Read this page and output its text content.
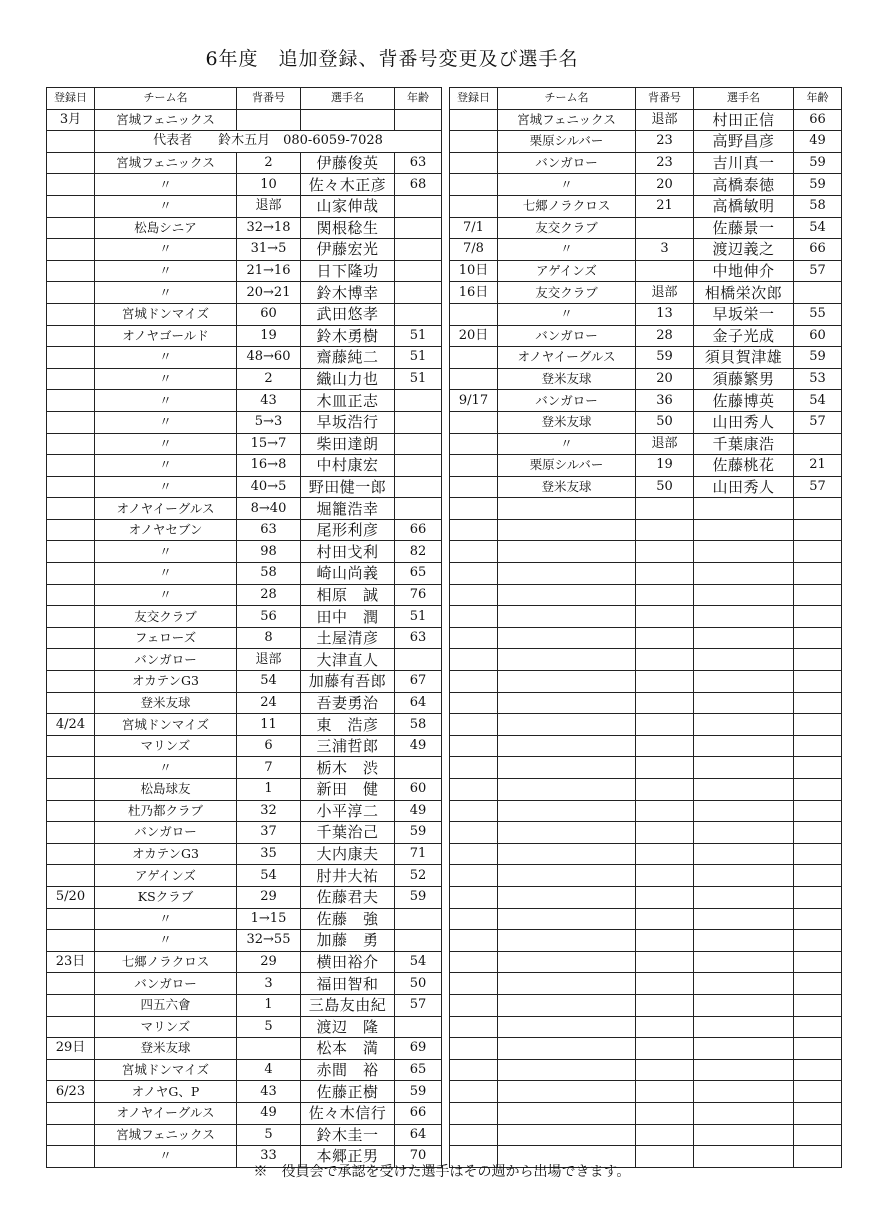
6年度　追加登録、背番号変更及び選手名
登録日	チーム名	背番号	選手名	年齢
3月	宮城フェニックス			
	代表者　　鈴木五月　080-6059-7028			
	宮城フェニックス	2	伊藤俊英	63
	〃	10	佐々木正彦	68
	〃	退部	山家伸哉	
	松島シニア	32→18	関根稔生	
	〃	31→5	伊藤宏光	
	〃	21→16	日下隆功	
	〃	20→21	鈴木博幸	
	宮城ドンマイズ	60	武田悠孝	
	オノヤゴールド	19	鈴木勇樹	51
	〃	48→60	齋藤純二	51
	〃	2	織山力也	51
	〃	43	木皿正志	
	〃	5→3	早坂浩行	
	〃	15→7	柴田達朗	
	〃	16→8	中村康宏	
	〃	40→5	野田健一郎	
	オノヤイーグルス	8→40	堀籠浩幸	
	オノヤセブン	63	尾形利彦	66
	〃	98	村田戈利	82
	〃	58	崎山尚義	65
	〃	28	相原　誠	76
	友交クラブ	56	田中　潤	51
	フェローズ	8	土屋清彦	63
	バンガロー	退部	大津直人	
	オカテンG3	54	加藤有吾郎	67
	登米友球	24	吾妻勇治	64
4/24	宮城ドンマイズ	11	東　浩彦	58
	マリンズ	6	三浦哲郎	49
	〃	7	栃木　渋	
	松島球友	1	新田　健	60
	杜乃都クラブ	32	小平淳二	49
	バンガロー	37	千葉治己	59
	オカテンG3	35	大内康夫	71
	アゲインズ	54	肘井大祐	52
5/20	KSクラブ	29	佐藤君夫	59
	〃	1→15	佐藤　強	
	〃	32→55	加藤　勇	
23日	七郷ノラクロス	29	横田裕介	54
	バンガロー	3	福田智和	50
	四五六會	1	三島友由紀	57
	マリンズ	5	渡辺　隆	
29日	登米友球		松本　満	69
	宮城ドンマイズ	4	赤間　裕	65
6/23	オノヤG、P	43	佐藤正樹	59
	オノヤイーグルス	49	佐々木信行	66
	宮城フェニックス	5	鈴木圭一	64
	〃	33	本郷正男	70
登録日	チーム名	背番号	選手名	年齢
	宮城フェニックス	退部	村田正信	66
	栗原シルバー	23	高野昌彦	49
	バンガロー	23	吉川真一	59
	〃	20	高橋泰徳	59
	七郷ノラクロス	21	高橋敏明	58
7/1	友交クラブ		佐藤景一	54
7/8	〃	3	渡辺義之	66
10日	アゲインズ		中地伸介	57
16日	友交クラブ	退部	相橋栄次郎	
	〃	13	早坂栄一	55
20日	バンガロー	28	金子光成	60
	オノヤイーグルス	59	須貝賀津雄	59
	登米友球	20	須藤繁男	53
9/17	バンガロー	36	佐藤博英	54
	登米友球	50	山田秀人	57
	〃	退部	千葉康浩	
	栗原シルバー	19	佐藤桃花	21
	登米友球	50	山田秀人	57

※　役員会で承認を受けた選手はその週から出場できます。
